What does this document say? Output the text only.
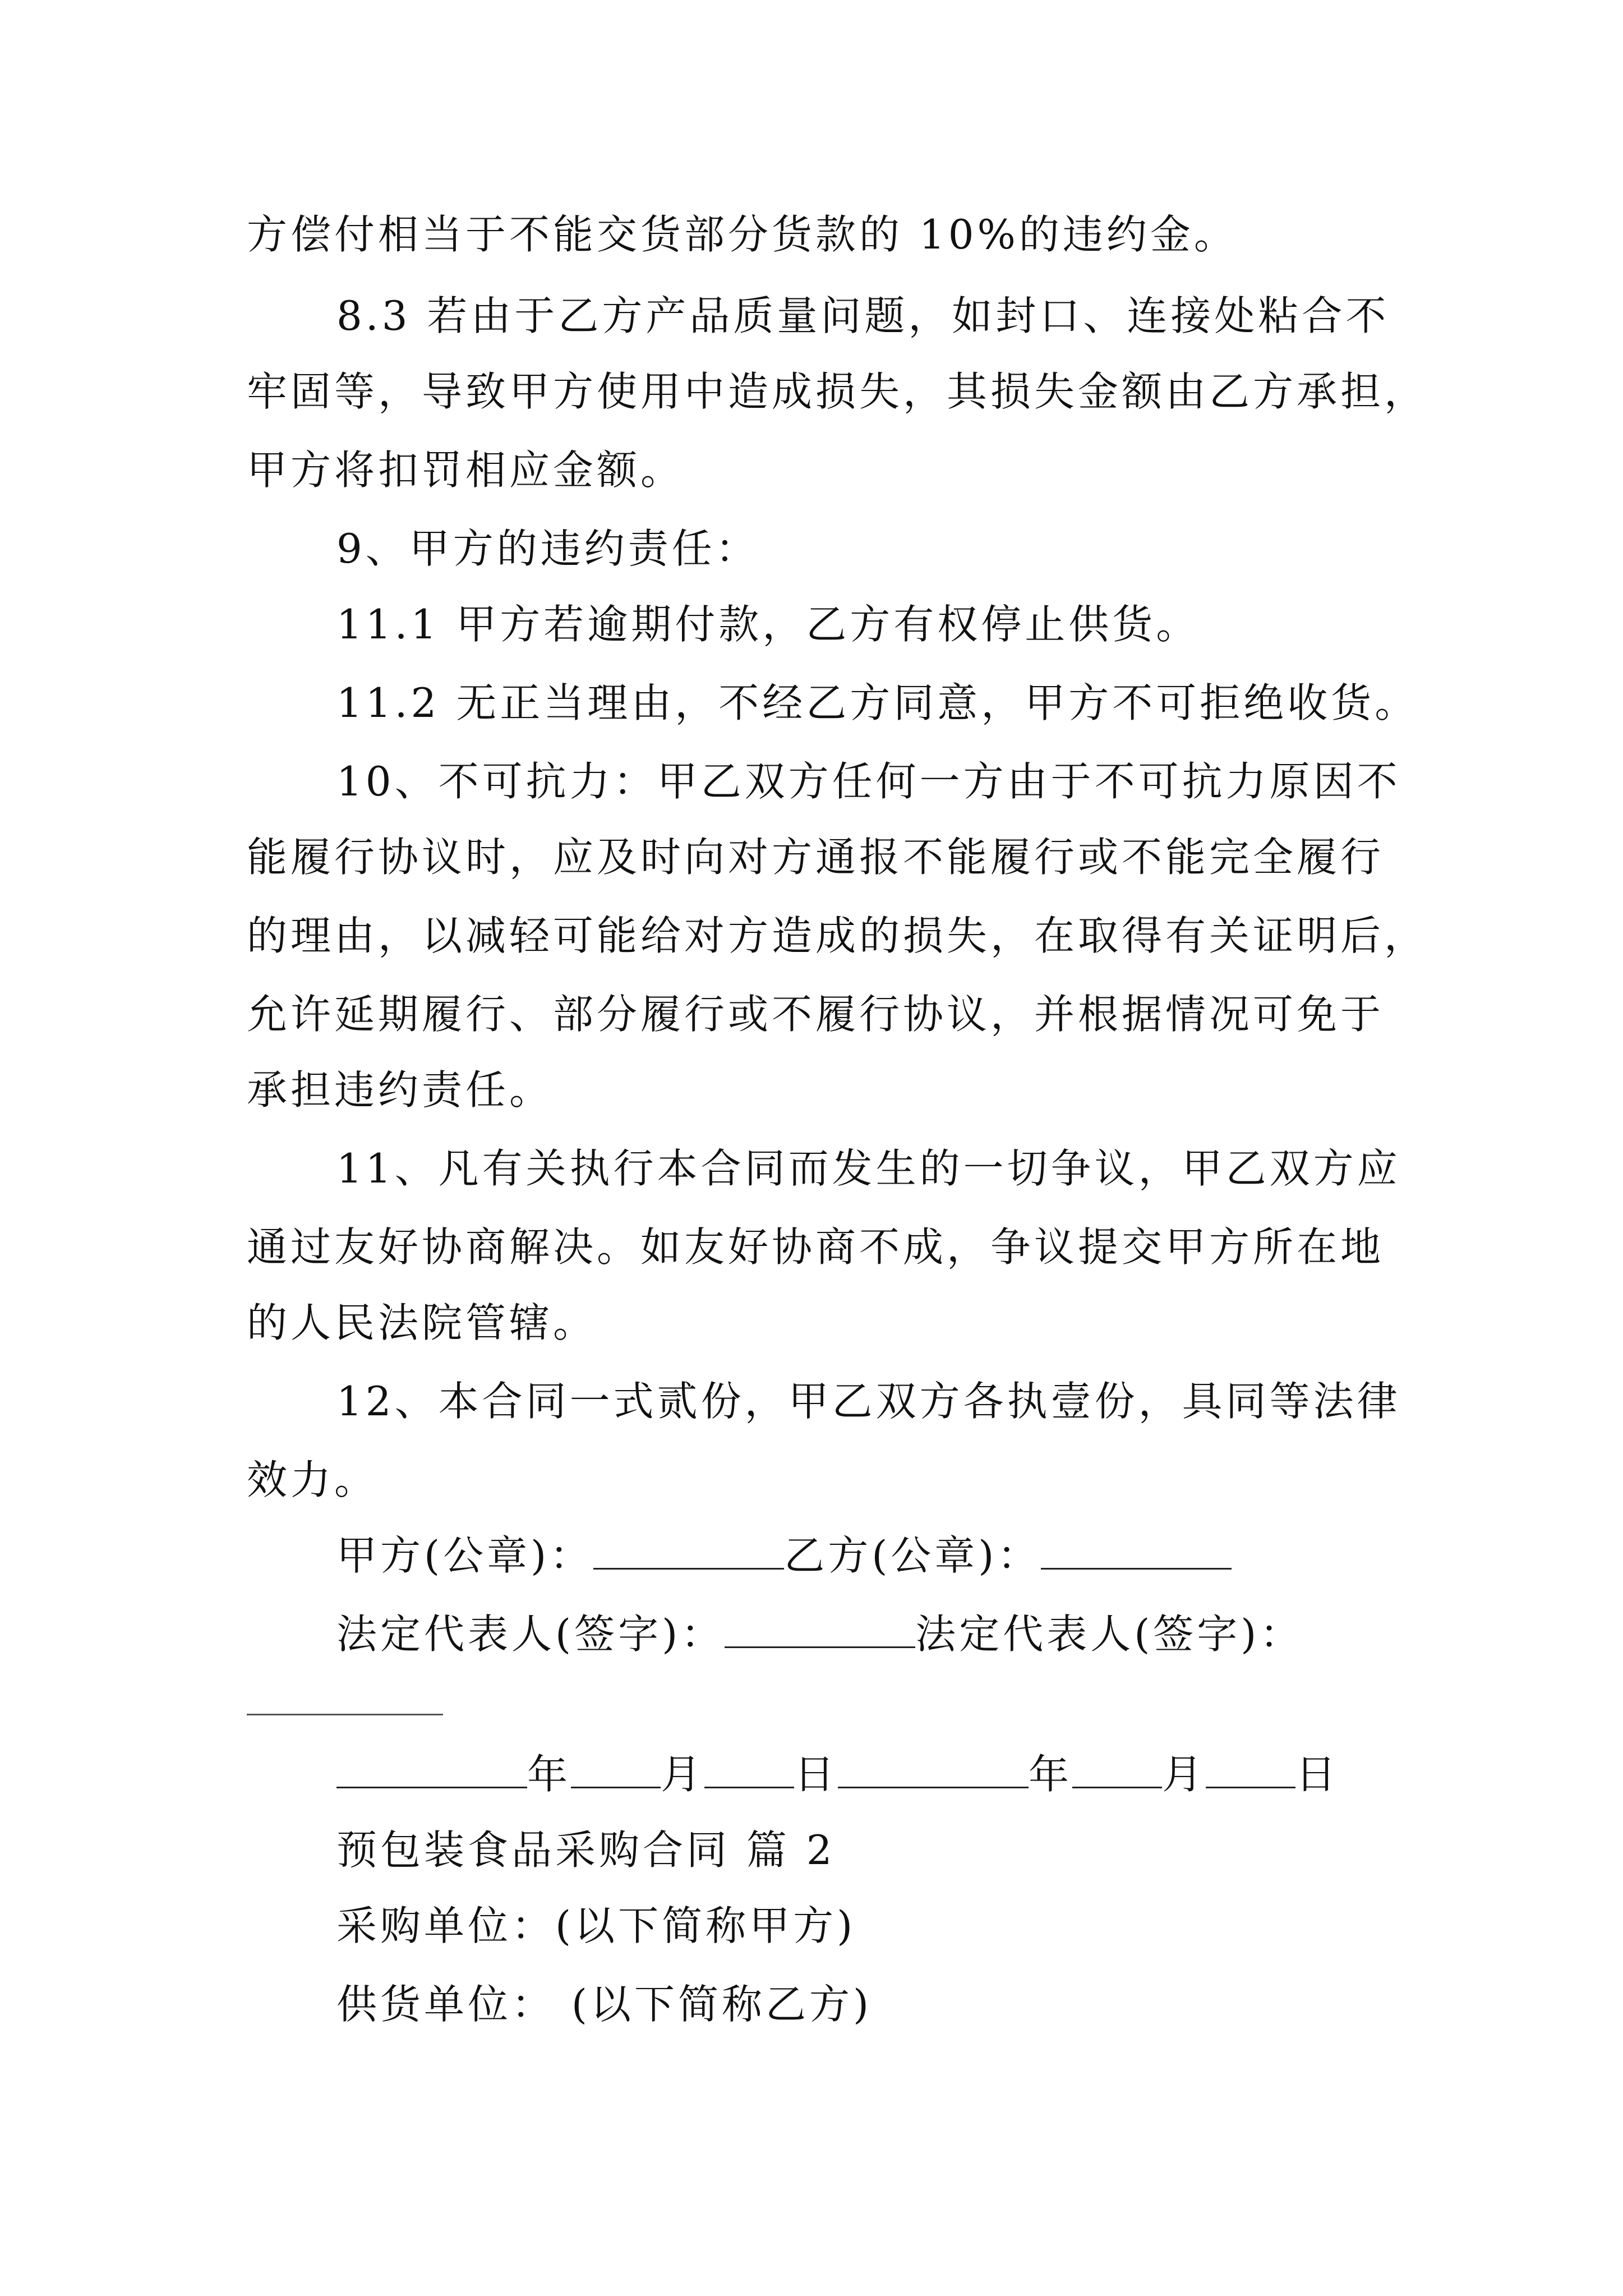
方偿付相当于不能交货部分货款的 10%的违约金。
8.3 若由于乙方产品质量问题，如封口、连接处粘合不
牢固等，导致甲方使用中造成损失，其损失金额由乙方承担，
甲方将扣罚相应金额。
9、甲方的违约责任：
11.1 甲方若逾期付款，乙方有权停止供货。
11.2 无正当理由，不经乙方同意，甲方不可拒绝收货。
10、不可抗力：甲乙双方任何一方由于不可抗力原因不
能履行协议时，应及时向对方通报不能履行或不能完全履行
的理由，以减轻可能给对方造成的损失，在取得有关证明后，
允许延期履行、部分履行或不履行协议，并根据情况可免于
承担违约责任。
11、凡有关执行本合同而发生的一切争议，甲乙双方应
通过友好协商解决。如友好协商不成，争议提交甲方所在地
的人民法院管辖。
12、本合同一式贰份，甲乙双方各执壹份，具同等法律
效力。
甲方(公章)：	乙方(公章)：
法定代表人(签字)：	法定代表人(签字)：
年 月 日	年 月 日
预包装食品采购合同 篇 2
采购单位：(以下简称甲方)
供货单位： (以下简称乙方)
